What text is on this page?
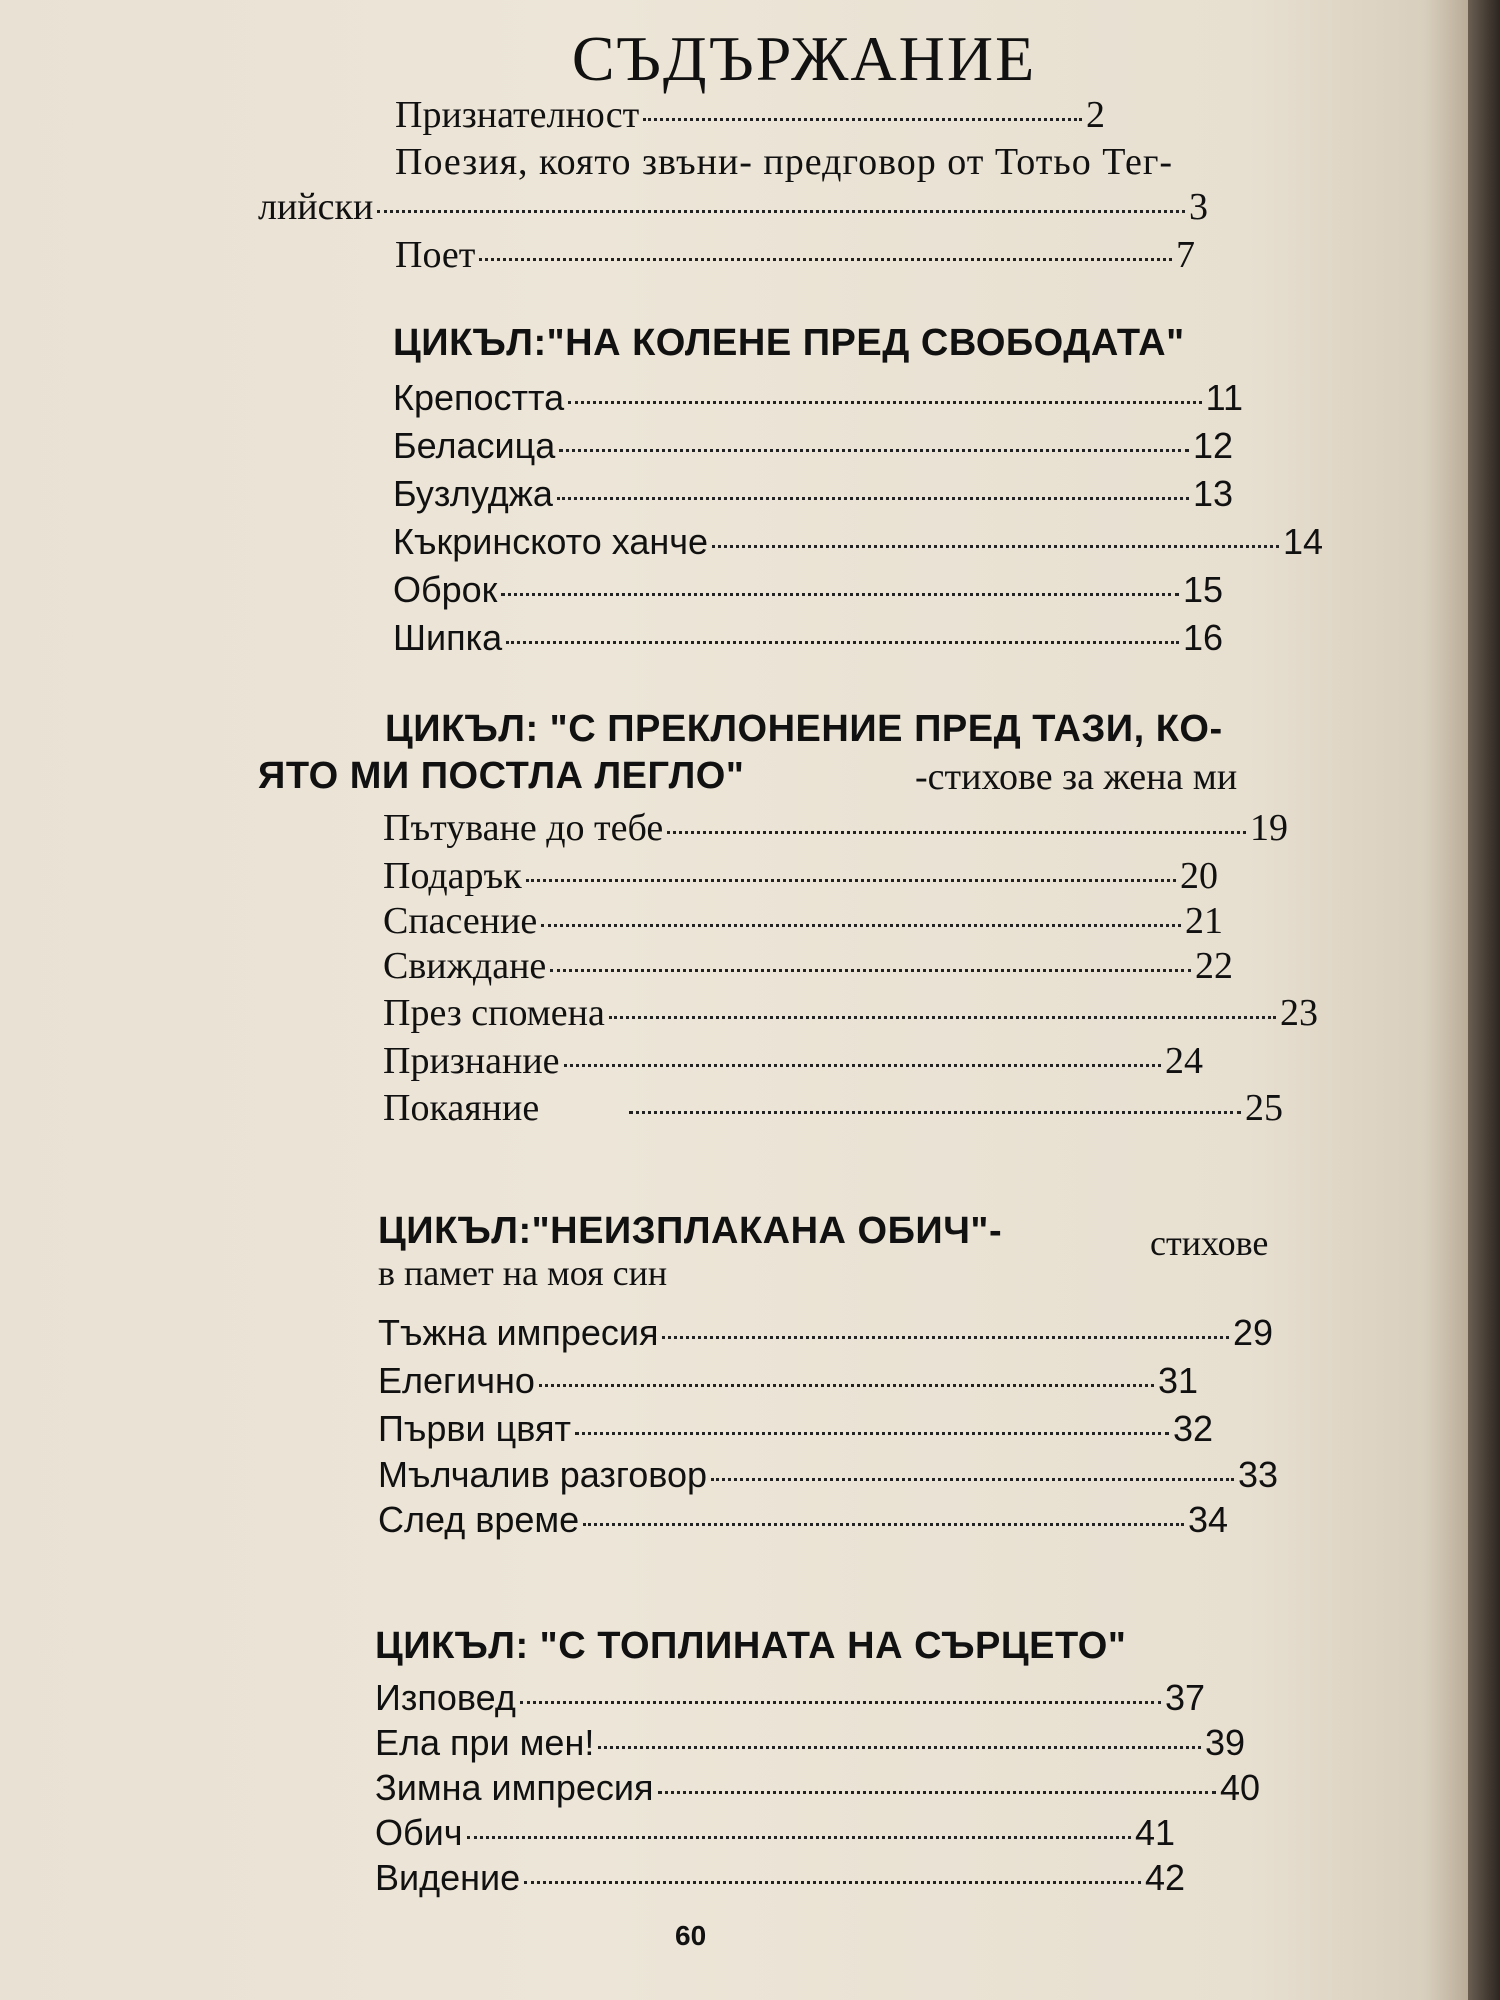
СЪДЪРЖАНИЕ
Признателност	2
Поезия, която звъни- предговор от Тотьо Тег-
лийски	3
Поет	7
ЦИКЪЛ:"НА КОЛЕНЕ ПРЕД СВОБОДАТА"
Крепостта	11
Беласица	12
Бузлуджа	13
Къкринското ханче	14
Оброк	15
Шипка	16
ЦИКЪЛ: "С ПРЕКЛОНЕНИЕ ПРЕД ТАЗИ, КО-
ЯТО МИ ПОСТЛА ЛЕГЛО"	-стихове за жена ми
Пътуване до тебе	19
Подарък	20
Спасение	21
Свиждане	22
През спомена	23
Признание	24
Покаяние	25
ЦИКЪЛ:"НЕИЗПЛАКАНА ОБИЧ"-	стихове
в памет на моя син
Тъжна импресия	29
Елегично	31
Първи цвят	32
Мълчалив разговор	33
След време	34
ЦИКЪЛ: "С ТОПЛИНАТА НА СЪРЦЕТО"
Изповед	37
Ела при мен!	39
Зимна импресия	40
Обич	41
Видение	42
60
